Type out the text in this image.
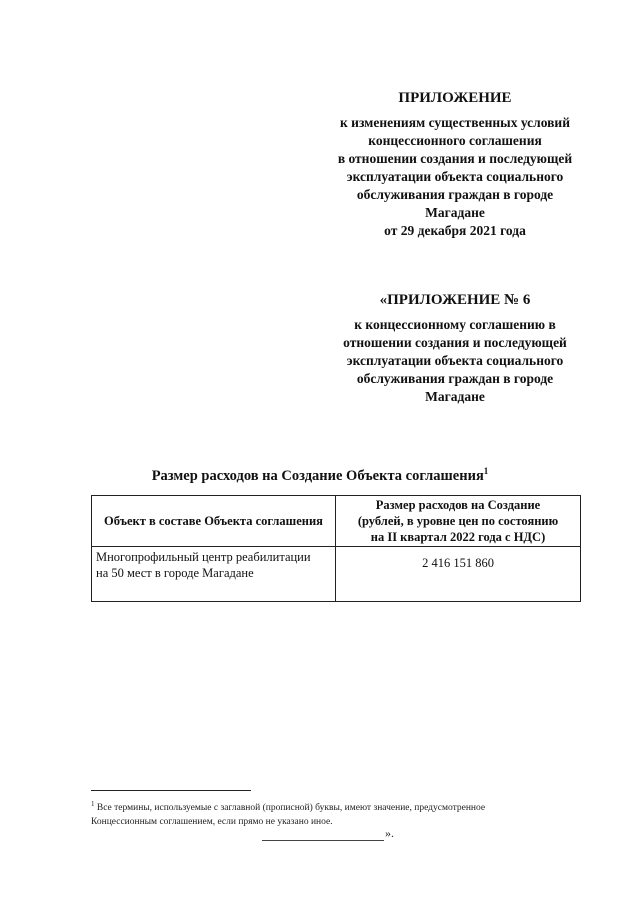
ПРИЛОЖЕНИЕ
к изменениям существенных условий
концессионного соглашения
в отношении создания и последующей
эксплуатации объекта социального
обслуживания граждан в городе
Магадане
от 29 декабря 2021 года
«ПРИЛОЖЕНИЕ № 6
к концессионному соглашению в
отношении создания и последующей
эксплуатации объекта социального
обслуживания граждан в городе
Магадане
Размер расходов на Создание Объекта соглашения$^1$
Объект в составе Объекта соглашения	Размер расходов на Создание
(рублей, в уровне цен по состоянию
на II квартал 2022 года с НДС)

Многопрофильный центр реабилитации
на 50 мест в городе Магадане	2 416 151 860
$^1$ Все термины, используемые с заглавной (прописной) буквы, имеют значение, предусмотренное
Концессионным соглашением, если прямо не указано иное.
».
